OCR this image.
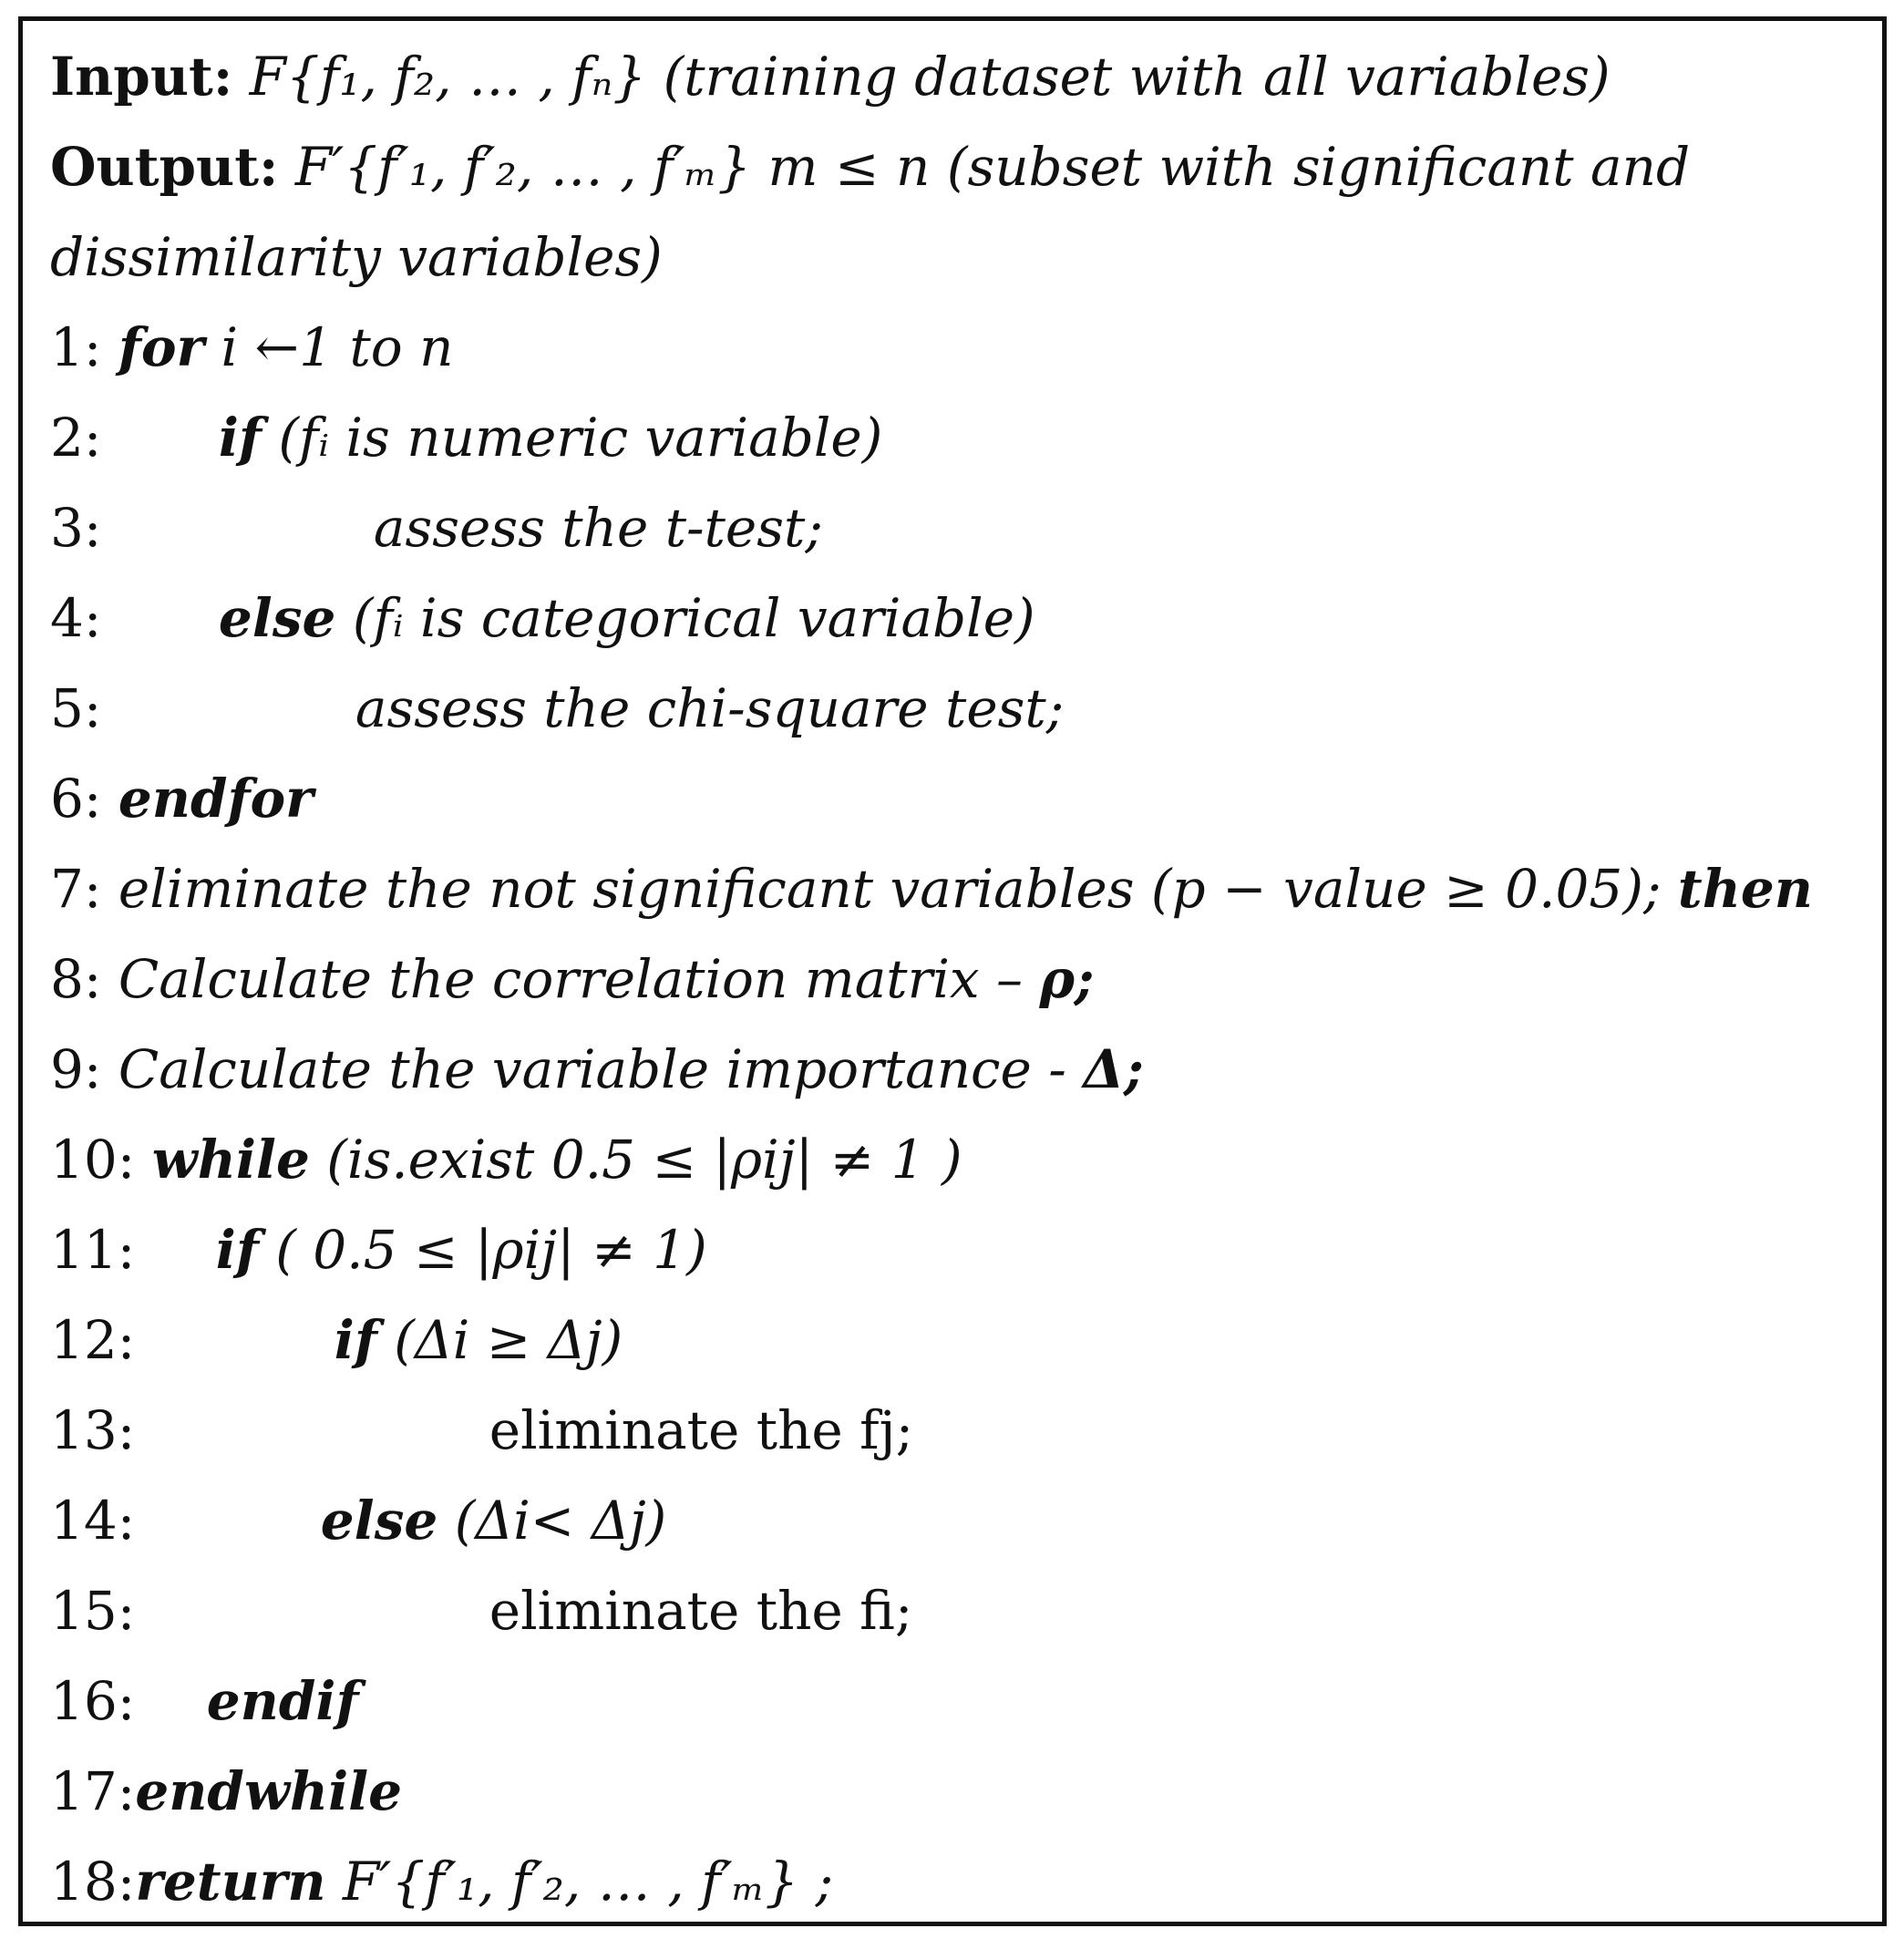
Input: F{f₁, f₂, … , fₙ} (training dataset with all variables)
Output: F′{f′₁, f′₂, … , f′ₘ} m ≤ n (subset with significant and
dissimilarity variables)
1: for i ←1 to n
2: if (fᵢ is numeric variable)
3:	assess the t-test;
4: else (fᵢ is categorical variable)
5:	assess the chi-square test;
6: endfor
7: eliminate the not significant variables (p − value ≥ 0.05); then
8: Calculate the correlation matrix – ρ;
9: Calculate the variable importance - Δ;
10: while (is.exist 0.5 ≤ |ρij| ≠ 1 )
11: if ( 0.5 ≤ |ρij| ≠ 1)
12:	if (Δi ≥ Δj)
13:	eliminate the fj;
14:	else (Δi< Δj)
15:	eliminate the fi;
16: endif
17:endwhile
18:return F′{f′₁, f′₂, … , f′ₘ} ;
